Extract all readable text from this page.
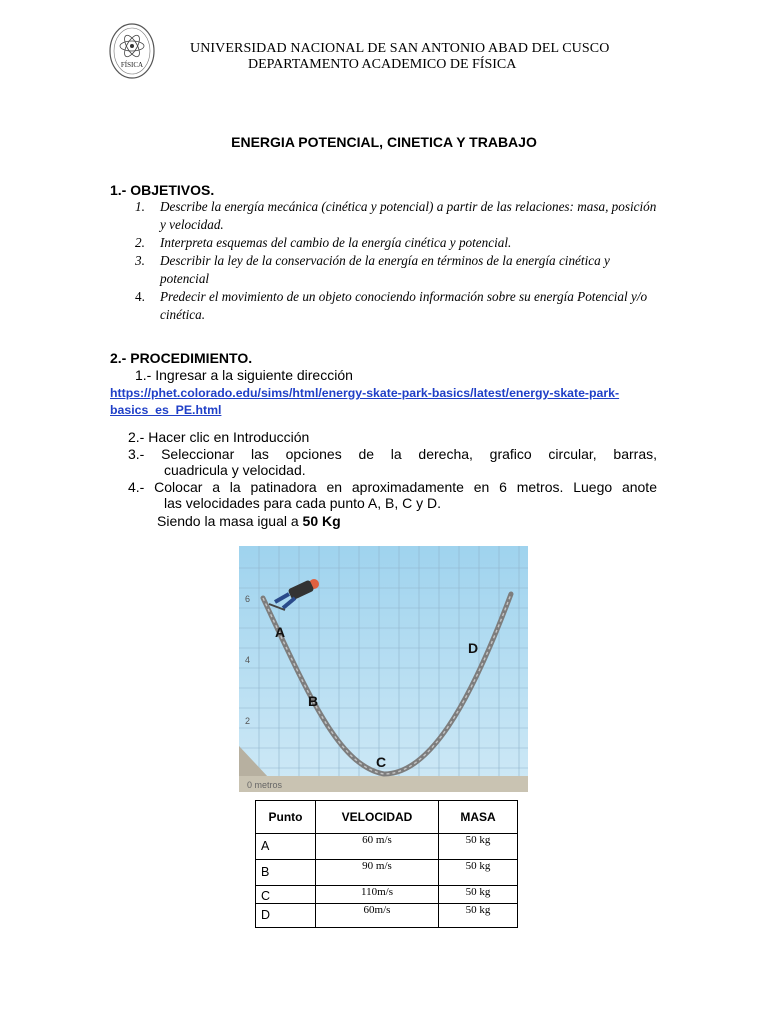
FÍSICA
UNIVERSIDAD NACIONAL DE SAN ANTONIO ABAD DEL CUSCO
DEPARTAMENTO ACADEMICO DE FÍSICA
ENERGIA POTENCIAL, CINETICA Y TRABAJO
1.- OBJETIVOS.
1. Describe la energía mecánica (cinética y potencial) a partir de las relaciones: masa, posición y velocidad.
2. Interpreta esquemas del cambio de la energía cinética y potencial.
3. Describir la ley de la conservación de la energía en términos de la energía cinética y potencial
4. Predecir el movimiento de un objeto conociendo información sobre su energía Potencial y/o cinética.
2.- PROCEDIMIENTO.
1.- Ingresar a la siguiente dirección
https://phet.colorado.edu/sims/html/energy-skate-park-basics/latest/energy-skate-park-basics_es_PE.html
2.- Hacer clic en Introducción
3.- Seleccionar las opciones de la derecha, grafico circular, barras,
cuadricula y velocidad.
4.- Colocar a la patinadora en aproximadamente en 6 metros. Luego anote
las velocidades para cada punto A, B, C y D.
Siendo la masa igual a 50 Kg
6
4
2
0 metros
A
B
C
D
Punto	VELOCIDAD	MASA
A	60 m/s	50 kg
B	90 m/s	50 kg
C	110m/s	50 kg
D	60m/s	50 kg
